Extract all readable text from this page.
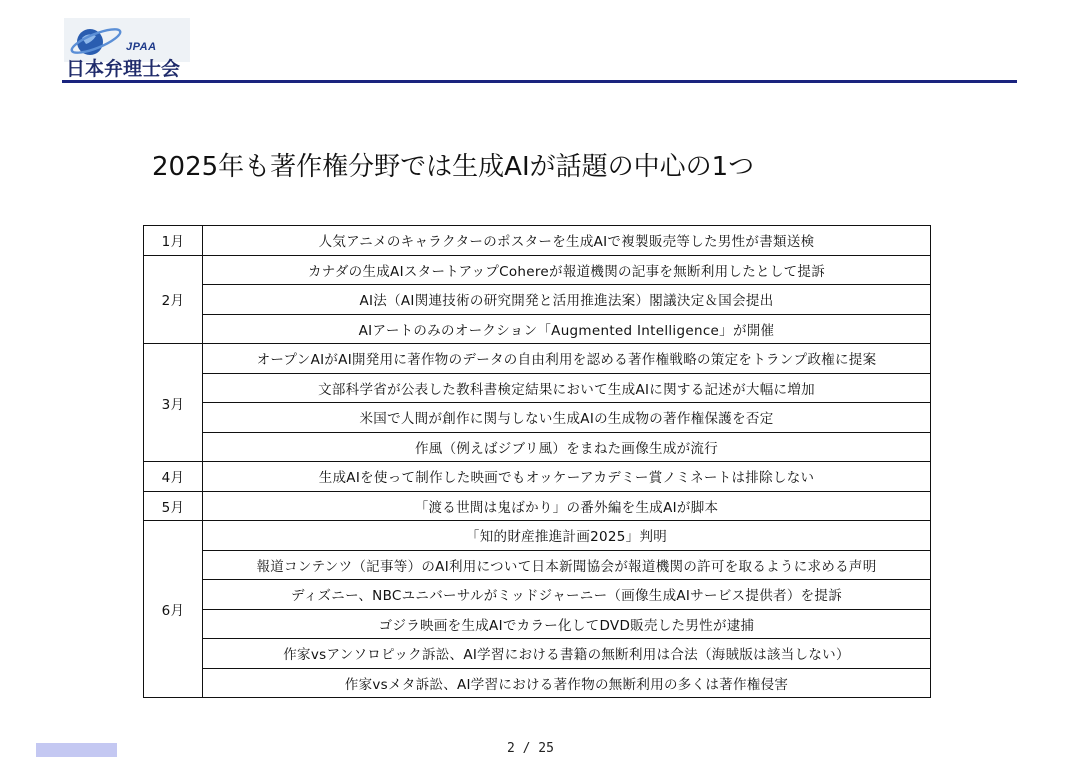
JPAA
日本弁理士会
2025年も著作権分野では生成AIが話題の中心の1つ
1月	人気アニメのキャラクターのポスターを生成AIで複製販売等した男性が書類送検
2月	カナダの生成AIスタートアップCohereが報道機関の記事を無断利用したとして提訴
	AI法（AI関連技術の研究開発と活用推進法案）閣議決定＆国会提出
	AIアートのみのオークション「Augmented Intelligence」が開催
3月	オープンAIがAI開発用に著作物のデータの自由利用を認める著作権戦略の策定をトランプ政権に提案
	文部科学省が公表した教科書検定結果において生成AIに関する記述が大幅に増加
	米国で人間が創作に関与しない生成AIの生成物の著作権保護を否定
	作風（例えばジブリ風）をまねた画像生成が流行
4月	生成AIを使って制作した映画でもオッケーアカデミー賞ノミネートは排除しない
5月	「渡る世間は鬼ばかり」の番外編を生成AIが脚本
6月	「知的財産推進計画2025」判明
	報道コンテンツ（記事等）のAI利用について日本新聞協会が報道機関の許可を取るように求める声明
	ディズニー、NBCユニバーサルがミッドジャーニー（画像生成AIサービス提供者）を提訴
	ゴジラ映画を生成AIでカラー化してDVD販売した男性が逮捕
	作家vsアンソロピック訴訟、AI学習における書籍の無断利用は合法（海賊版は該当しない）
	作家vsメタ訴訟、AI学習における著作物の無断利用の多くは著作権侵害
2 / 25
